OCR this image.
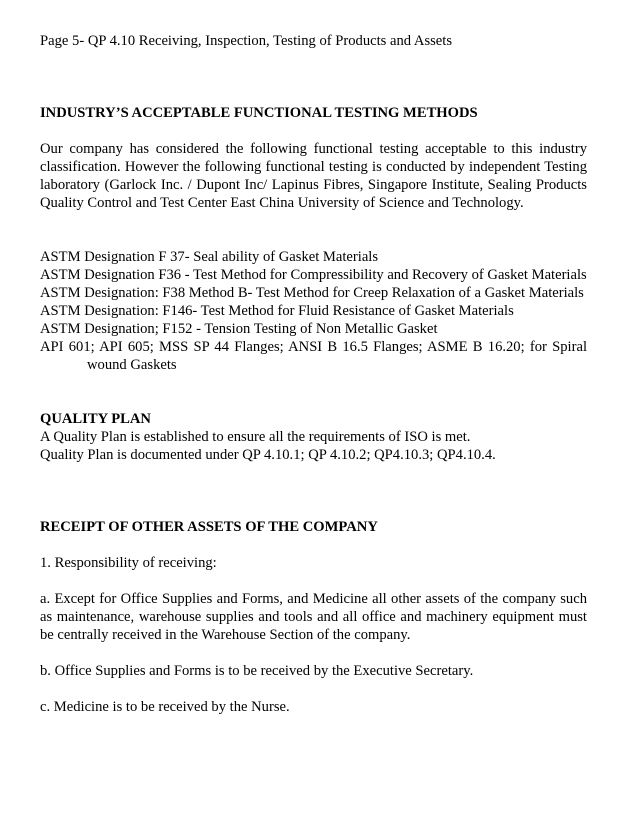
Page 5- QP 4.10 Receiving, Inspection, Testing of Products and Assets

INDUSTRY’S ACCEPTABLE FUNCTIONAL TESTING METHODS

Our company has considered the following functional testing acceptable to this industry classification. However the following functional testing is conducted by independent Testing laboratory (Garlock Inc. / Dupont Inc/ Lapinus Fibres, Singapore Institute, Sealing Products Quality Control and Test Center East China University of Science and Technology.

ASTM Designation F 37- Seal ability of Gasket Materials
ASTM Designation F36 - Test Method for Compressibility and Recovery of Gasket Materials
ASTM Designation: F38 Method B- Test Method for Creep Relaxation of a Gasket Materials
ASTM Designation: F146- Test Method for Fluid Resistance of Gasket Materials
ASTM Designation; F152 - Tension Testing of Non Metallic Gasket
API 601; API 605; MSS SP 44 Flanges; ANSI B 16.5 Flanges; ASME B 16.20; for Spiral wound Gaskets

QUALITY PLAN

A Quality Plan is established to ensure all the requirements of ISO is met.

Quality Plan is documented under QP 4.10.1; QP 4.10.2; QP4.10.3; QP4.10.4.

RECEIPT OF OTHER ASSETS OF THE COMPANY

1. Responsibility of receiving:

a. Except for Office Supplies and Forms, and Medicine all other assets of the company such as maintenance, warehouse supplies and tools and all office and machinery equipment must be centrally received in the Warehouse Section of the company.

b. Office Supplies and Forms is to be received by the Executive Secretary.

c. Medicine is to be received by the Nurse.
